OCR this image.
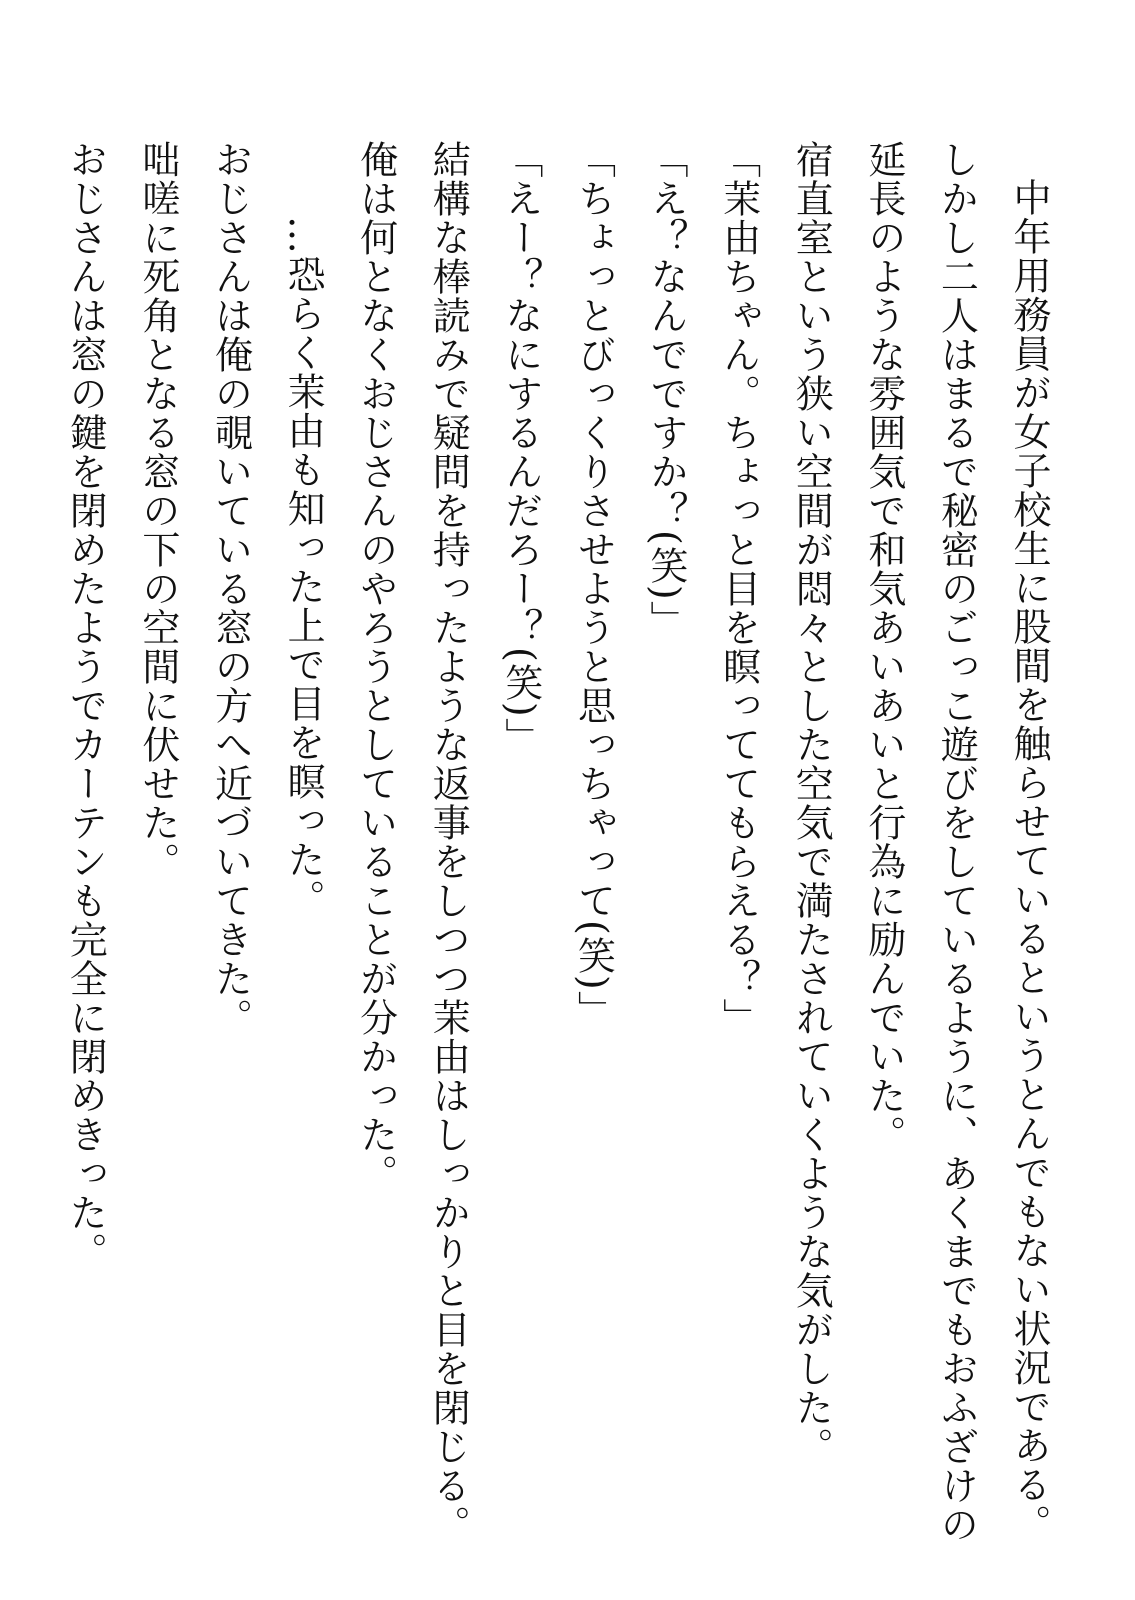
中年用務員が女子校生に股間を触らせているというとんでもない状況である。
しかし二人はまるで秘密のごっこ遊びをしているように、あくまでもおふざけの
延長のような雰囲気で和気あいあいと行為に励んでいた。
宿直室という狭い空間が悶々とした空気で満たされていくような気がした。
「茉由ちゃん。ちょっと目を瞑っててもらえる？」
「え？なんでですか？(笑)」
「ちょっとびっくりさせようと思っちゃって(笑)」
「えー？なにするんだろー？(笑)」
結構な棒読みで疑問を持ったような返事をしつつ茉由はしっかりと目を閉じる。
俺は何となくおじさんのやろうとしていることが分かった。
…恐らく茉由も知った上で目を瞑った。
おじさんは俺の覗いている窓の方へ近づいてきた。
咄嗟に死角となる窓の下の空間に伏せた。
おじさんは窓の鍵を閉めたようでカーテンも完全に閉めきった。
